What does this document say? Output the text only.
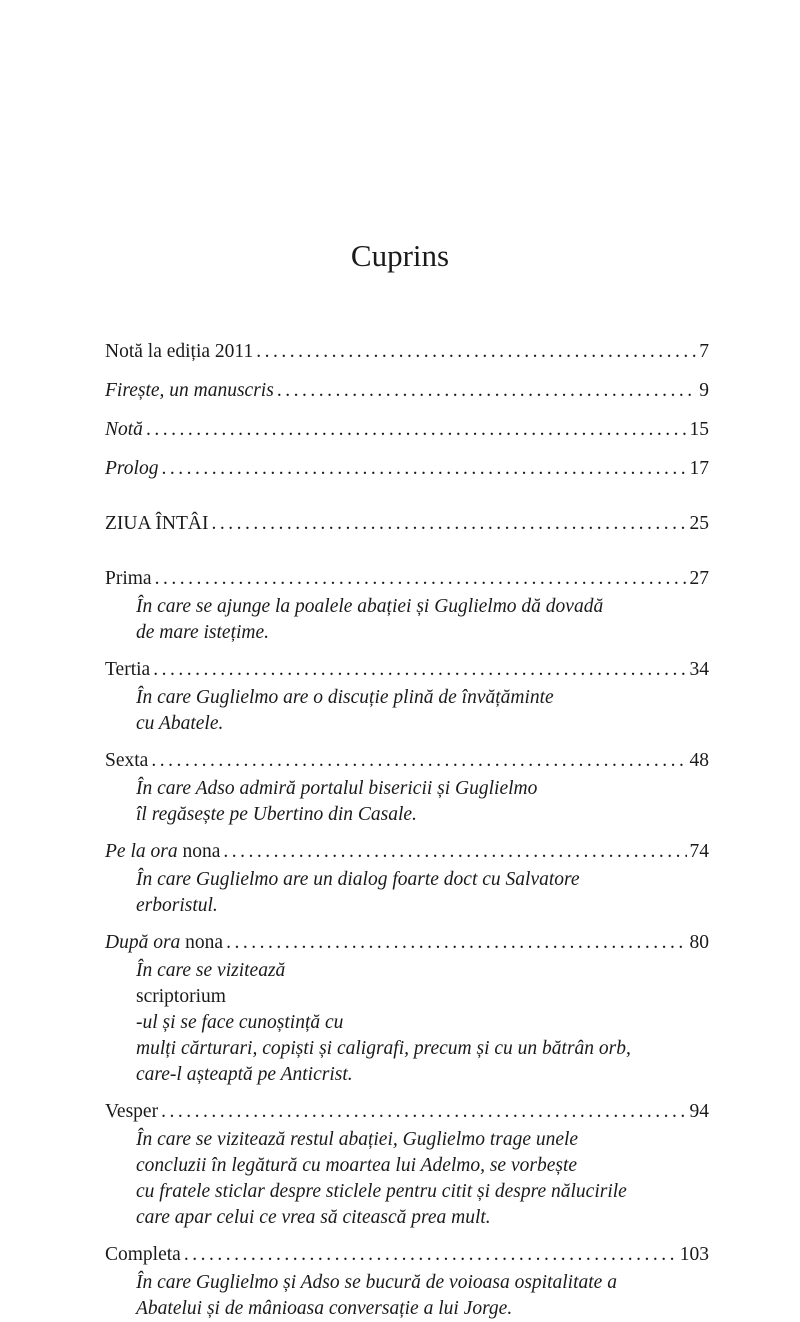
Cuprins
Notă la ediția 2011 .....	7
Firește, un manuscris .....	9
Notă .....	15
Prolog .....	17
ZIUA ÎNTÂI .....	25
Prima .....	27
În care se ajunge la poalele abației și Guglielmo dă dovadă
de mare istețime.
Tertia .....	34
În care Guglielmo are o discuție plină de învățăminte
cu Abatele.
Sexta .....	48
În care Adso admiră portalul bisericii și Guglielmo
îl regăsește pe Ubertino din Casale.
Pe la ora nona .....	74
În care Guglielmo are un dialog foarte doct cu Salvatore
erboristul.
După ora nona .....	80
În care se vizitează
scriptorium
-ul și se face cunoștință cu
mulți cărturari, copiști și caligrafi, precum și cu un bătrân orb,
care-l așteaptă pe Anticrist.
Vesper .....	94
În care se vizitează restul abației, Guglielmo trage unele
concluzii în legătură cu moartea lui Adelmo, se vorbește
cu fratele sticlar despre sticlele pentru citit și despre nălucirile
care apar celui ce vrea să citească prea mult.
Completa .....	103
În care Guglielmo și Adso se bucură de voioasa ospitalitate a
Abatelui și de mânioasa conversație a lui Jorge.
